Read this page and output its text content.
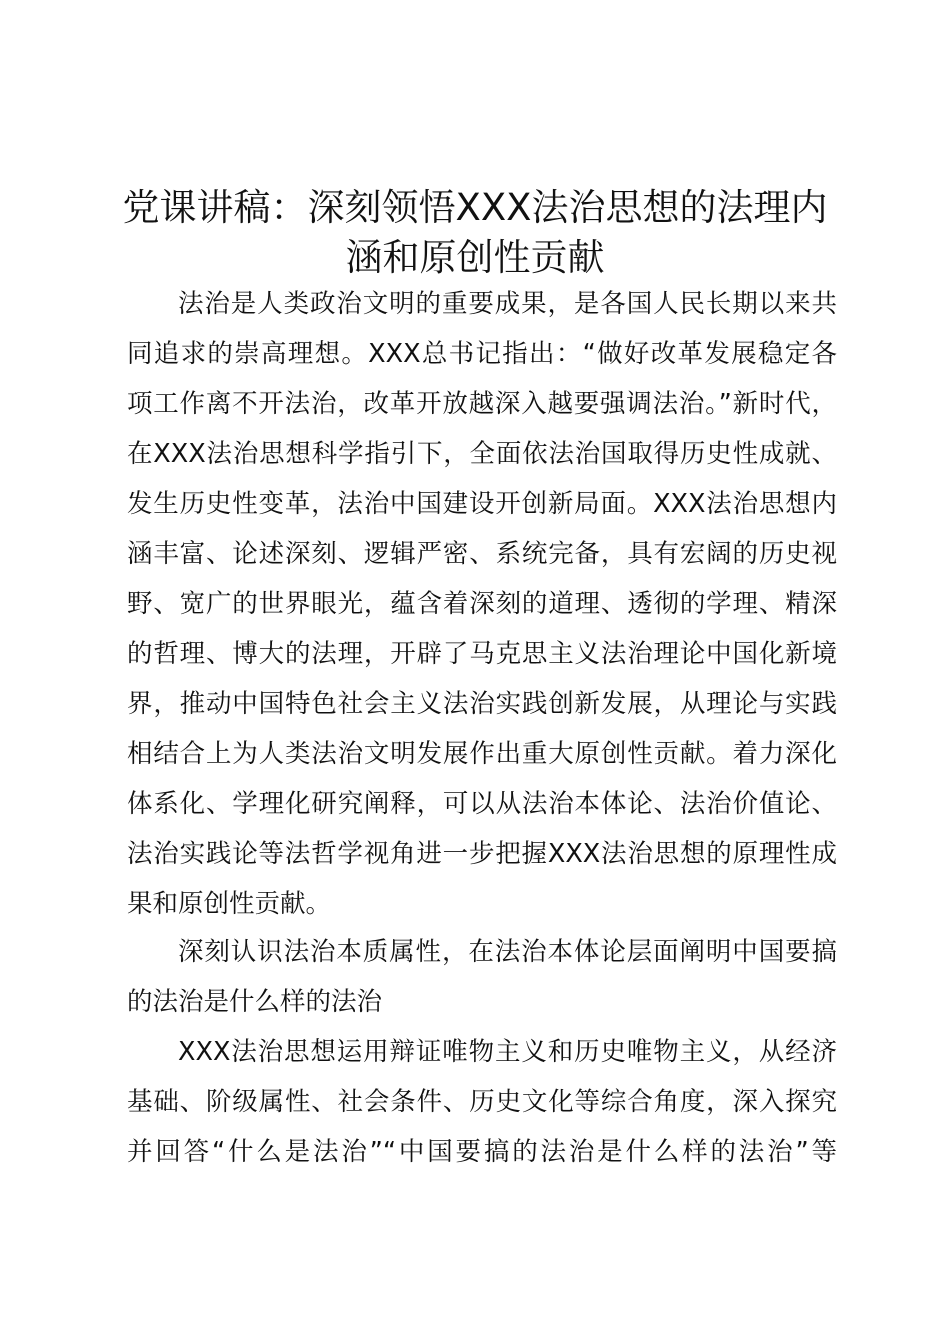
党课讲稿：深刻领悟XXX法治思想的法理内
涵和原创性贡献
法治是人类政治文明的重要成果，是各国人民长期以来共
同追求的崇高理想。XXX总书记指出：“做好改革发展稳定各
项工作离不开法治，改革开放越深入越要强调法治。”新时代，
在XXX法治思想科学指引下，全面依法治国取得历史性成就、
发生历史性变革，法治中国建设开创新局面。XXX法治思想内
涵丰富、论述深刻、逻辑严密、系统完备，具有宏阔的历史视
野、宽广的世界眼光，蕴含着深刻的道理、透彻的学理、精深
的哲理、博大的法理，开辟了马克思主义法治理论中国化新境
界，推动中国特色社会主义法治实践创新发展，从理论与实践
相结合上为人类法治文明发展作出重大原创性贡献。着力深化
体系化、学理化研究阐释，可以从法治本体论、法治价值论、
法治实践论等法哲学视角进一步把握XXX法治思想的原理性成
果和原创性贡献。
深刻认识法治本质属性，在法治本体论层面阐明中国要搞
的法治是什么样的法治
XXX法治思想运用辩证唯物主义和历史唯物主义，从经济
基础、阶级属性、社会条件、历史文化等综合角度，深入探究
并回答“什么是法治”“中国要搞的法治是什么样的法治”等
